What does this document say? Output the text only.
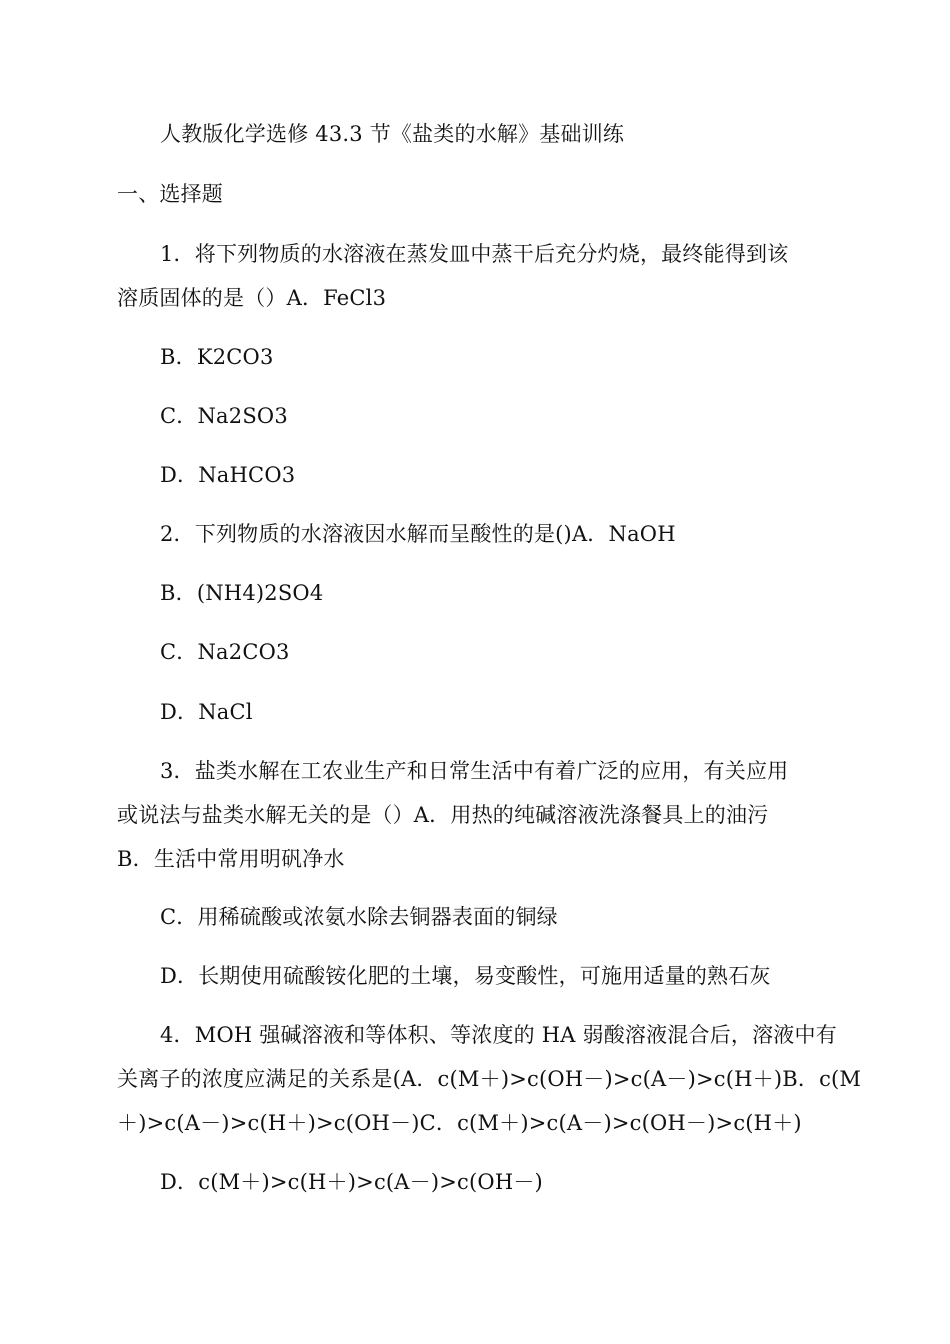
人教版化学选修 43.3 节《盐类的水解》基础训练
一、选择题
1．将下列物质的水溶液在蒸发皿中蒸干后充分灼烧，最终能得到该
溶质固体的是（）A．FeCl3
B．K2CO3
C．Na2SO3
D．NaHCO3
2．下列物质的水溶液因水解而呈酸性的是()A．NaOH
B．(NH4)2SO4
C．Na2CO3
D．NaCl
3．盐类水解在工农业生产和日常生活中有着广泛的应用，有关应用
或说法与盐类水解无关的是（）A．用热的纯碱溶液洗涤餐具上的油污
B．生活中常用明矾净水
C．用稀硫酸或浓氨水除去铜器表面的铜绿
D．长期使用硫酸铵化肥的土壤，易变酸性，可施用适量的熟石灰
4．MOH 强碱溶液和等体积、等浓度的 HA 弱酸溶液混合后，溶液中有
关离子的浓度应满足的关系是(A．c(M＋)>c(OH－)>c(A－)>c(H＋)B．c(M
＋)>c(A－)>c(H＋)>c(OH－)C．c(M＋)>c(A－)>c(OH－)>c(H＋)
D．c(M＋)>c(H＋)>c(A－)>c(OH－)
